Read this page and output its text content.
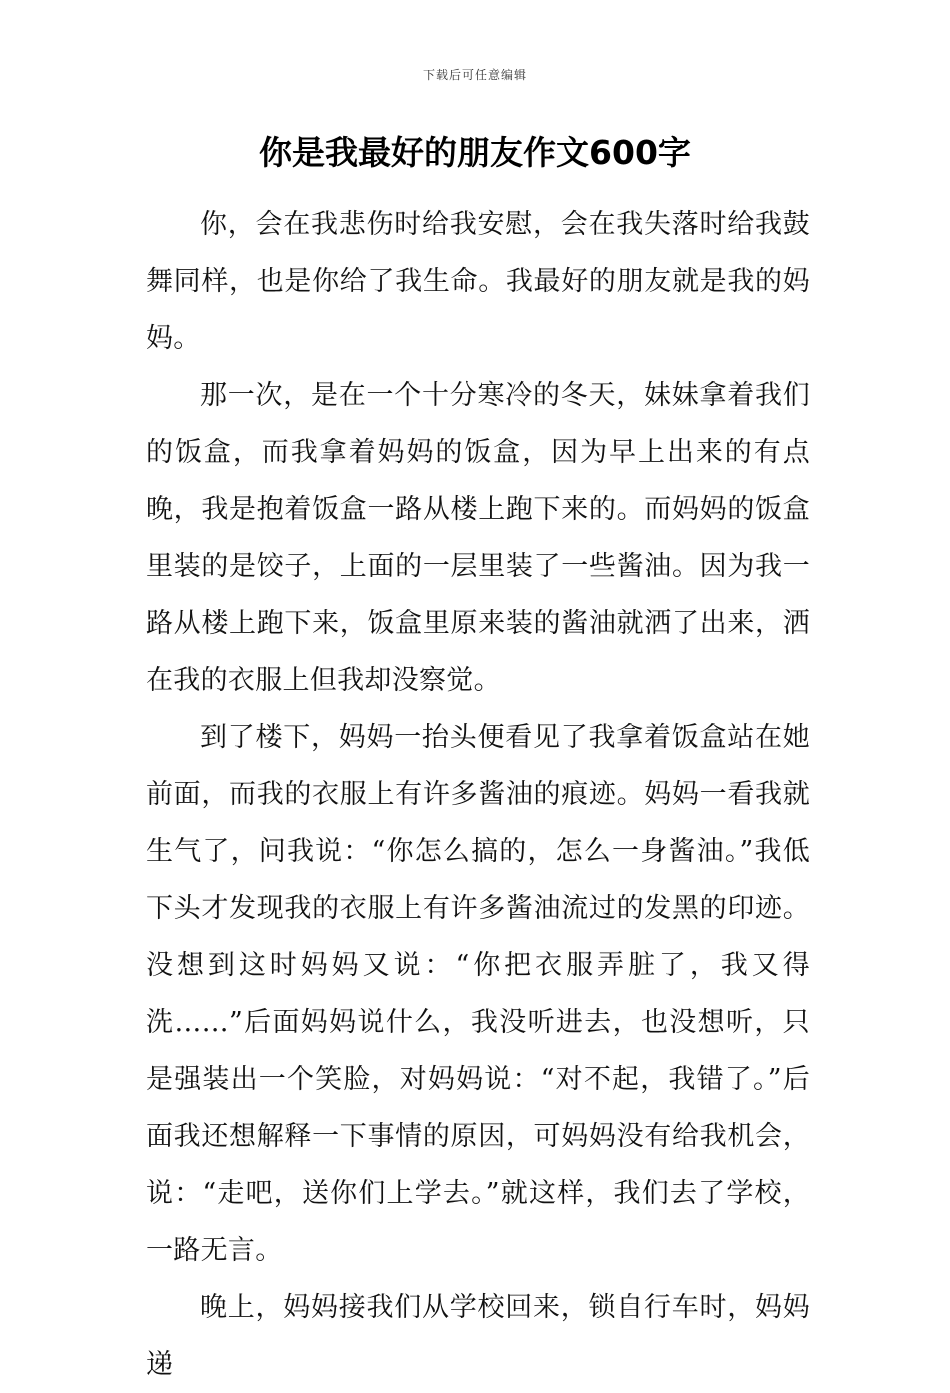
下载后可任意编辑
你是我最好的朋友作文600字

你，会在我悲伤时给我安慰，会在我失落时给我鼓舞同样，也是你给了我生命。我最好的朋友就是我的妈妈。

那一次，是在一个十分寒冷的冬天，妹妹拿着我们的饭盒，而我拿着妈妈的饭盒，因为早上出来的有点晚，我是抱着饭盒一路从楼上跑下来的。而妈妈的饭盒里装的是饺子，上面的一层里装了一些酱油。因为我一路从楼上跑下来，饭盒里原来装的酱油就洒了出来，洒在我的衣服上但我却没察觉。

到了楼下，妈妈一抬头便看见了我拿着饭盒站在她前面，而我的衣服上有许多酱油的痕迹。妈妈一看我就生气了，问我说：“你怎么搞的，怎么一身酱油。”我低下头才发现我的衣服上有许多酱油流过的发黑的印迹。没想到这时妈妈又说：“你把衣服弄脏了，我又得洗……”后面妈妈说什么，我没听进去，也没想听，只是强装出一个笑脸，对妈妈说：“对不起，我错了。”后面我还想解释一下事情的原因，可妈妈没有给我机会，说：“走吧，送你们上学去。”就这样，我们去了学校，一路无言。

晚上，妈妈接我们从学校回来，锁自行车时，妈妈递
